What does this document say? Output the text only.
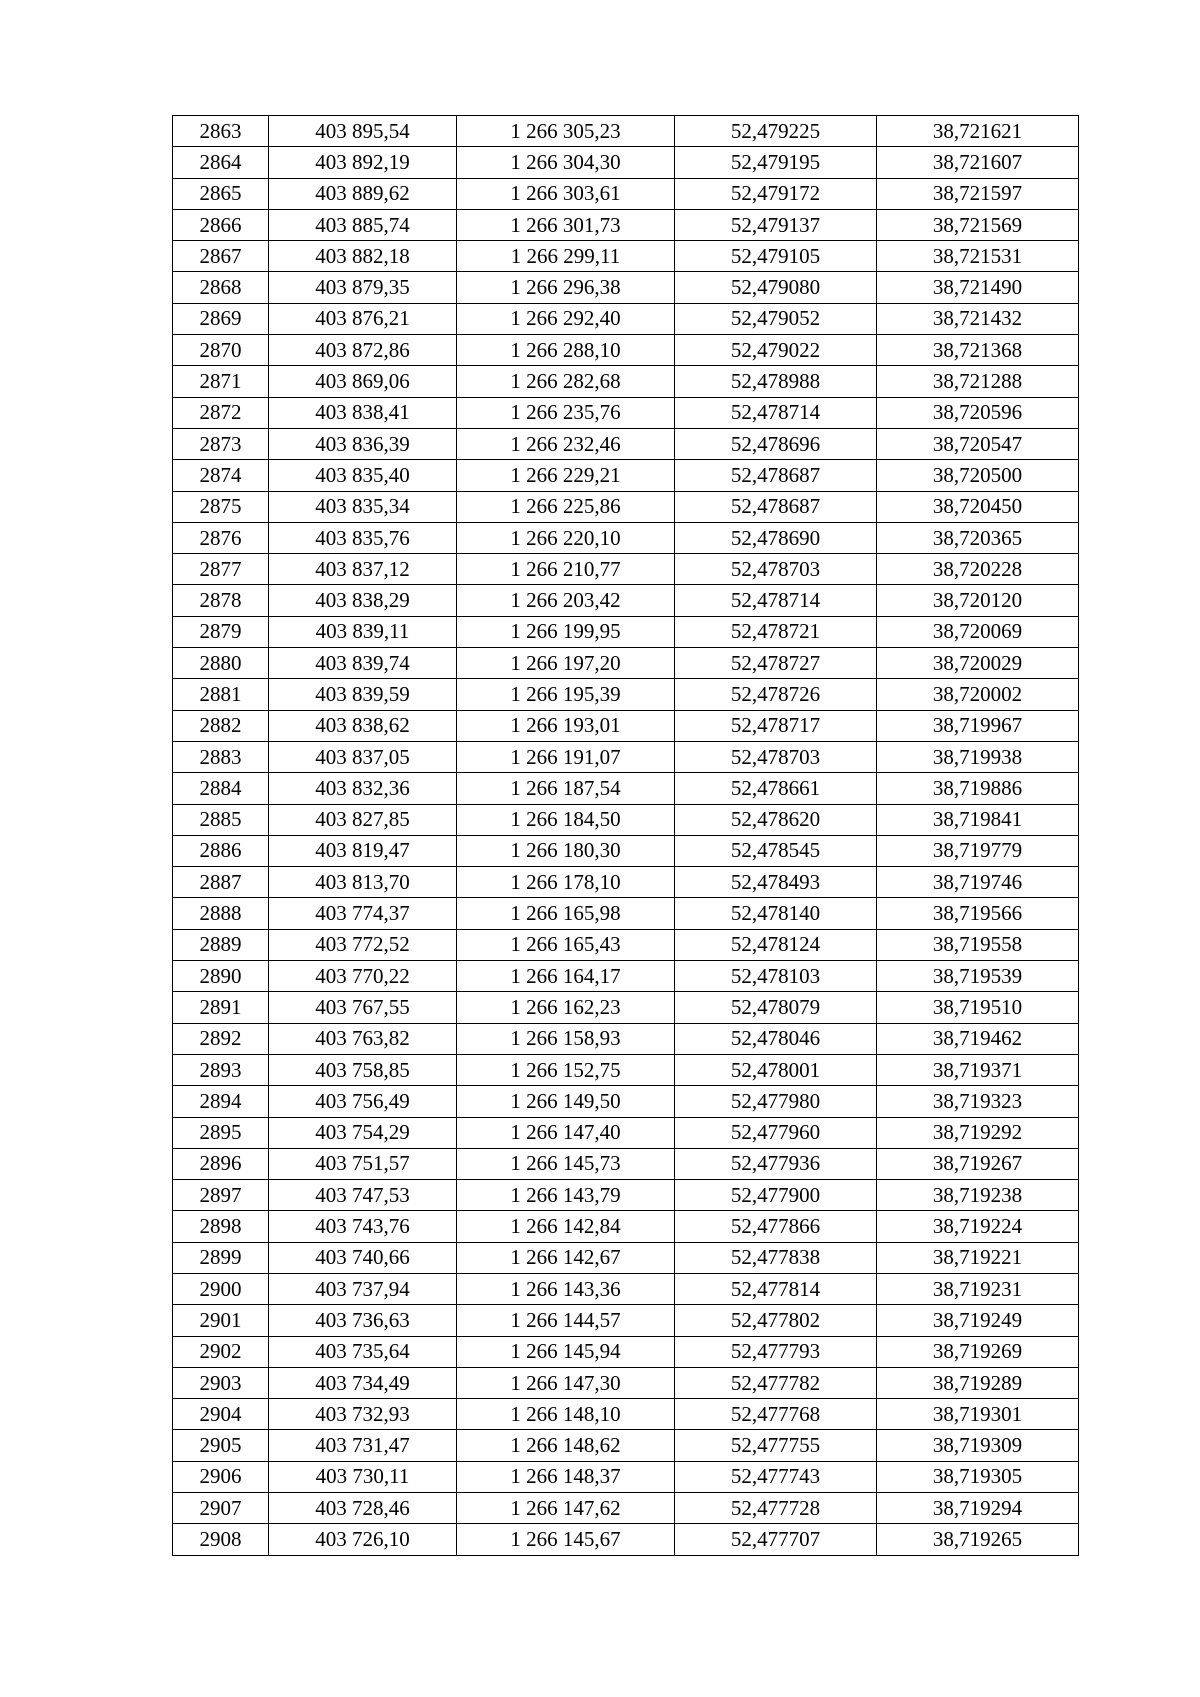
2863	403 895,54	1 266 305,23	52,479225	38,721621
2864	403 892,19	1 266 304,30	52,479195	38,721607
2865	403 889,62	1 266 303,61	52,479172	38,721597
2866	403 885,74	1 266 301,73	52,479137	38,721569
2867	403 882,18	1 266 299,11	52,479105	38,721531
2868	403 879,35	1 266 296,38	52,479080	38,721490
2869	403 876,21	1 266 292,40	52,479052	38,721432
2870	403 872,86	1 266 288,10	52,479022	38,721368
2871	403 869,06	1 266 282,68	52,478988	38,721288
2872	403 838,41	1 266 235,76	52,478714	38,720596
2873	403 836,39	1 266 232,46	52,478696	38,720547
2874	403 835,40	1 266 229,21	52,478687	38,720500
2875	403 835,34	1 266 225,86	52,478687	38,720450
2876	403 835,76	1 266 220,10	52,478690	38,720365
2877	403 837,12	1 266 210,77	52,478703	38,720228
2878	403 838,29	1 266 203,42	52,478714	38,720120
2879	403 839,11	1 266 199,95	52,478721	38,720069
2880	403 839,74	1 266 197,20	52,478727	38,720029
2881	403 839,59	1 266 195,39	52,478726	38,720002
2882	403 838,62	1 266 193,01	52,478717	38,719967
2883	403 837,05	1 266 191,07	52,478703	38,719938
2884	403 832,36	1 266 187,54	52,478661	38,719886
2885	403 827,85	1 266 184,50	52,478620	38,719841
2886	403 819,47	1 266 180,30	52,478545	38,719779
2887	403 813,70	1 266 178,10	52,478493	38,719746
2888	403 774,37	1 266 165,98	52,478140	38,719566
2889	403 772,52	1 266 165,43	52,478124	38,719558
2890	403 770,22	1 266 164,17	52,478103	38,719539
2891	403 767,55	1 266 162,23	52,478079	38,719510
2892	403 763,82	1 266 158,93	52,478046	38,719462
2893	403 758,85	1 266 152,75	52,478001	38,719371
2894	403 756,49	1 266 149,50	52,477980	38,719323
2895	403 754,29	1 266 147,40	52,477960	38,719292
2896	403 751,57	1 266 145,73	52,477936	38,719267
2897	403 747,53	1 266 143,79	52,477900	38,719238
2898	403 743,76	1 266 142,84	52,477866	38,719224
2899	403 740,66	1 266 142,67	52,477838	38,719221
2900	403 737,94	1 266 143,36	52,477814	38,719231
2901	403 736,63	1 266 144,57	52,477802	38,719249
2902	403 735,64	1 266 145,94	52,477793	38,719269
2903	403 734,49	1 266 147,30	52,477782	38,719289
2904	403 732,93	1 266 148,10	52,477768	38,719301
2905	403 731,47	1 266 148,62	52,477755	38,719309
2906	403 730,11	1 266 148,37	52,477743	38,719305
2907	403 728,46	1 266 147,62	52,477728	38,719294
2908	403 726,10	1 266 145,67	52,477707	38,719265
